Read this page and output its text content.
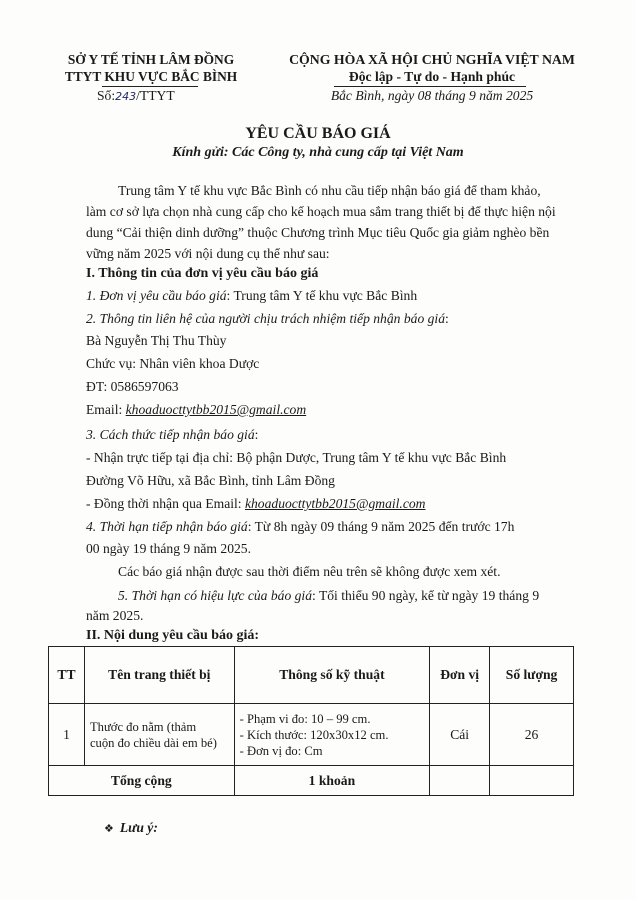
SỞ Y TẾ TỈNH LÂM ĐỒNG
TTYT KHU VỰC BẮC BÌNH
Số:243/TTYT
CỘNG HÒA XÃ HỘI CHỦ NGHĨA VIỆT NAM
Độc lập - Tự do - Hạnh phúc
Bắc Bình, ngày 08 tháng 9 năm 2025
YÊU CẦU BÁO GIÁ
Kính gửi: Các Công ty, nhà cung cấp tại Việt Nam
Trung tâm Y tế khu vực Bắc Bình có nhu cầu tiếp nhận báo giá để tham khảo,
làm cơ sở lựa chọn nhà cung cấp cho kế hoạch mua sắm trang thiết bị để thực hiện nội
dung “Cải thiện dinh dưỡng” thuộc Chương trình Mục tiêu Quốc gia giảm nghèo bền
vững năm 2025 với nội dung cụ thể như sau:
I. Thông tin của đơn vị yêu cầu báo giá
1. Đơn vị yêu cầu báo giá: Trung tâm Y tế khu vực Bắc Bình
2. Thông tin liên hệ của người chịu trách nhiệm tiếp nhận báo giá:
Bà Nguyễn Thị Thu Thùy
Chức vụ: Nhân viên khoa Dược
ĐT: 0586597063
Email: khoaduocttytbb2015@gmail.com
3. Cách thức tiếp nhận báo giá:
- Nhận trực tiếp tại địa chỉ: Bộ phận Dược, Trung tâm Y tế khu vực Bắc Bình
Đường Võ Hữu, xã Bắc Bình, tỉnh Lâm Đồng
- Đồng thời nhận qua Email: khoaduocttytbb2015@gmail.com
4. Thời hạn tiếp nhận báo giá: Từ 8h ngày 09 tháng 9 năm 2025 đến trước 17h
00 ngày 19 tháng 9 năm 2025.
Các báo giá nhận được sau thời điểm nêu trên sẽ không được xem xét.
5. Thời hạn có hiệu lực của báo giá: Tối thiểu 90 ngày, kể từ ngày 19 tháng 9
năm 2025.
II. Nội dung yêu cầu báo giá:
TT	Tên trang thiết bị	Thông số kỹ thuật	Đơn vị	Số lượng
1	Thước đo nằm (thảm cuộn đo chiều dài em bé)	- Phạm vi đo: 10 – 99 cm.
- Kích thước: 120x30x12 cm.
- Đơn vị đo: Cm	Cái	26
Tổng cộng		1 khoản		
❖ Lưu ý:
